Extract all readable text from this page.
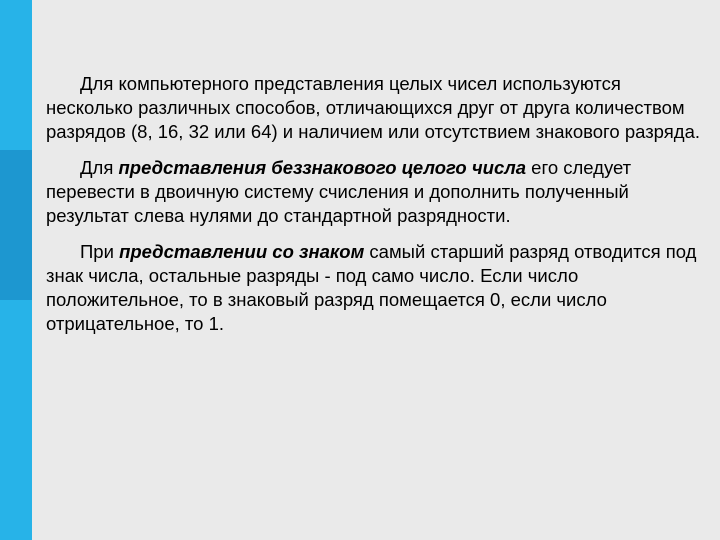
Для компьютерного представления целых чисел используются несколько различных способов, отличающихся друг от друга количеством разрядов (8, 16, 32 или 64) и наличием или отсутствием знакового разряда.

Для представления беззнакового целого числа его следует перевести в двоичную систему счисления и дополнить полученный результат слева нулями до стандартной разрядности.

При представлении со знаком самый старший разряд отводится под знак числа, остальные разряды - под само число. Если число положительное, то в знаковый разряд помещается 0, если число отрицательное, то 1.
